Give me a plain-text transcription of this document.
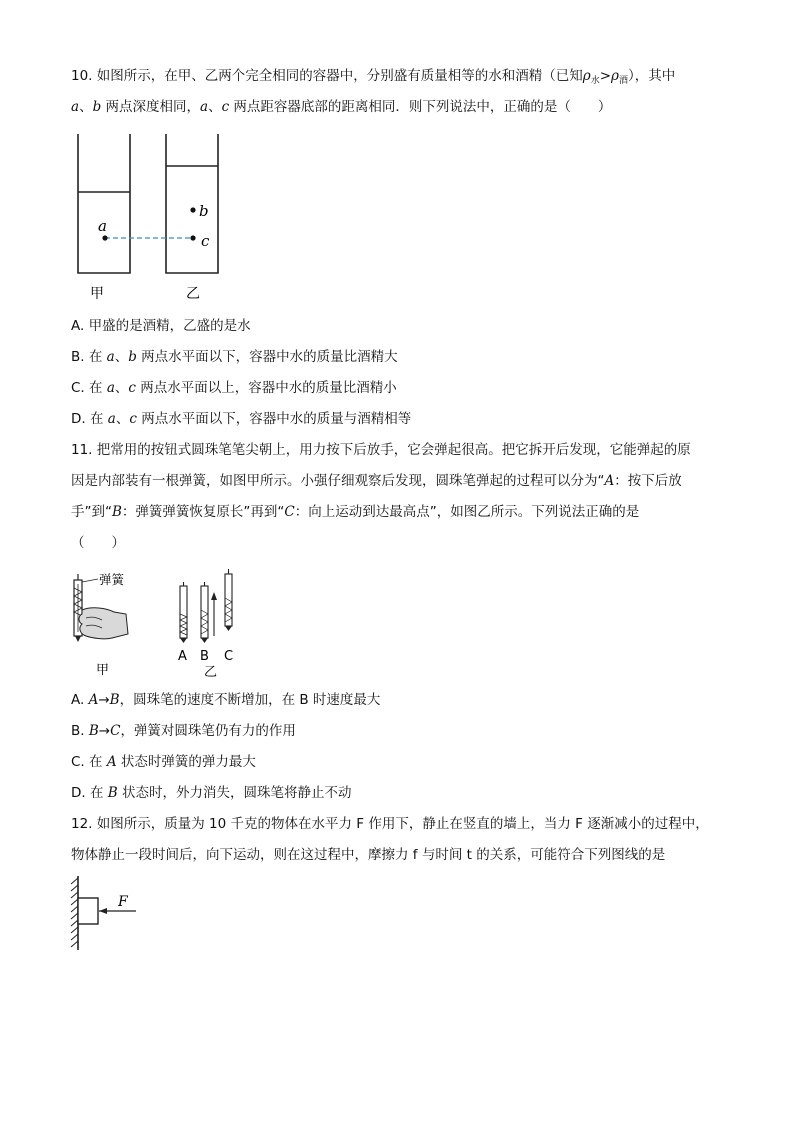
10. 如图所示，在甲、乙两个完全相同的容器中，分别盛有质量相等的水和酒精（已知$\rho_水>\rho_酒$），其中
a、b 两点深度相同，a、c 两点距容器底部的距离相同．则下列说法中，正确的是（　　）
a
b
c
甲	乙
A. 甲盛的是酒精，乙盛的是水
B. 在 a、b 两点水平面以下，容器中水的质量比酒精大
C. 在 a、c 两点水平面以上，容器中水的质量比酒精小
D. 在 a、c 两点水平面以下，容器中水的质量与酒精相等
11. 把常用的按钮式圆珠笔笔尖朝上，用力按下后放手，它会弹起很高。把它拆开后发现，它能弹起的原
因是内部装有一根弹簧，如图甲所示。小强仔细观察后发现，圆珠笔弹起的过程可以分为“A：按下后放
手”到“B：弹簧弹簧恢复原长”再到“C：向上运动到达最高点”，如图乙所示。下列说法正确的是
（　　）
弹簧
甲
A B C
乙
A. A→B，圆珠笔的速度不断增加，在 B 时速度最大
B. B→C，弹簧对圆珠笔仍有力的作用
C. 在 A 状态时弹簧的弹力最大
D. 在 B 状态时，外力消失，圆珠笔将静止不动
12. 如图所示，质量为 10 千克的物体在水平力 F 作用下，静止在竖直的墙上，当力 F 逐渐减小的过程中，
物体静止一段时间后，向下运动，则在这过程中，摩擦力 f 与时间 t 的关系，可能符合下列图线的是
F
